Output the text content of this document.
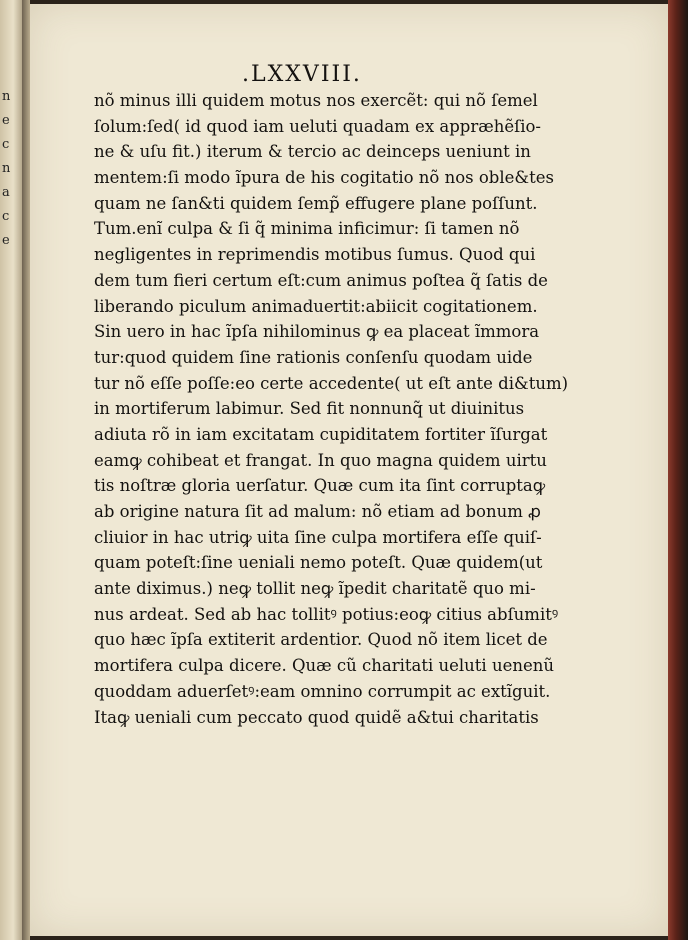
n
e
c
n
a
c
e
.LXXVIII.
nõ minus illi quidem motus nos exercẽt: qui nõ ſemel
ſolum:ſed( id quod iam ueluti quadam ex appræhẽſio-
ne & uſu fit.) iterum & tercio ac deinceps ueniunt in
mentem:ſi modo ĩpura de his cogitatio nõ nos oble&tes
quam ne ſan&ti quidem ſemp̃ effugere plane poſſunt.
Tum.enĩ culpa & ſi q̃ minima inficimur: ſi tamen nõ
negligentes in reprimendis motibus ſumus. Quod qui
dem tum fieri certum eſt:cum animus poſtea q̃ ſatis de
liberando piculum animaduertit:abiicit cogitationem.
Sin uero in hac ĩpſa nihilominus ꝙ ea placeat ĩmmora
tur:quod quidem ſine rationis conſenſu quodam uide
tur nõ eſſe poſſe:eo certe accedente( ut eſt ante di&tum)
in mortiferum labimur. Sed fit nonnunq̃ ut diuinitus
adiuta rõ in iam excitatam cupiditatem fortiter ĩſurgat
eamꝙ cohibeat et frangat. In quo magna quidem uirtu
tis noſtræ gloria uerſatur. Quæ cum ita ſint corruptaꝙ
ab origine natura ſit ad malum: nõ etiam ad bonum ꝓ
cliuior in hac utriꝙ uita ſine culpa mortifera eſſe quiſ-
quam poteſt:ſine ueniali nemo poteſt. Quæ quidem(ut
ante diximus.) neꝙ tollit neꝙ ĩpedit charitatẽ quo mi-
nus ardeat. Sed ab hac tollitꝰ potius:eoꝙ citius abſumitꝰ
quo hæc ĩpſa extiterit ardentior. Quod nõ item licet de
mortifera culpa dicere. Quæ cũ charitati ueluti uenenũ
quoddam aduerſetꝰ:eam omnino corrumpit ac extĩguit.
Itaꝙ ueniali cum peccato quod quidẽ a&tui charitatis
